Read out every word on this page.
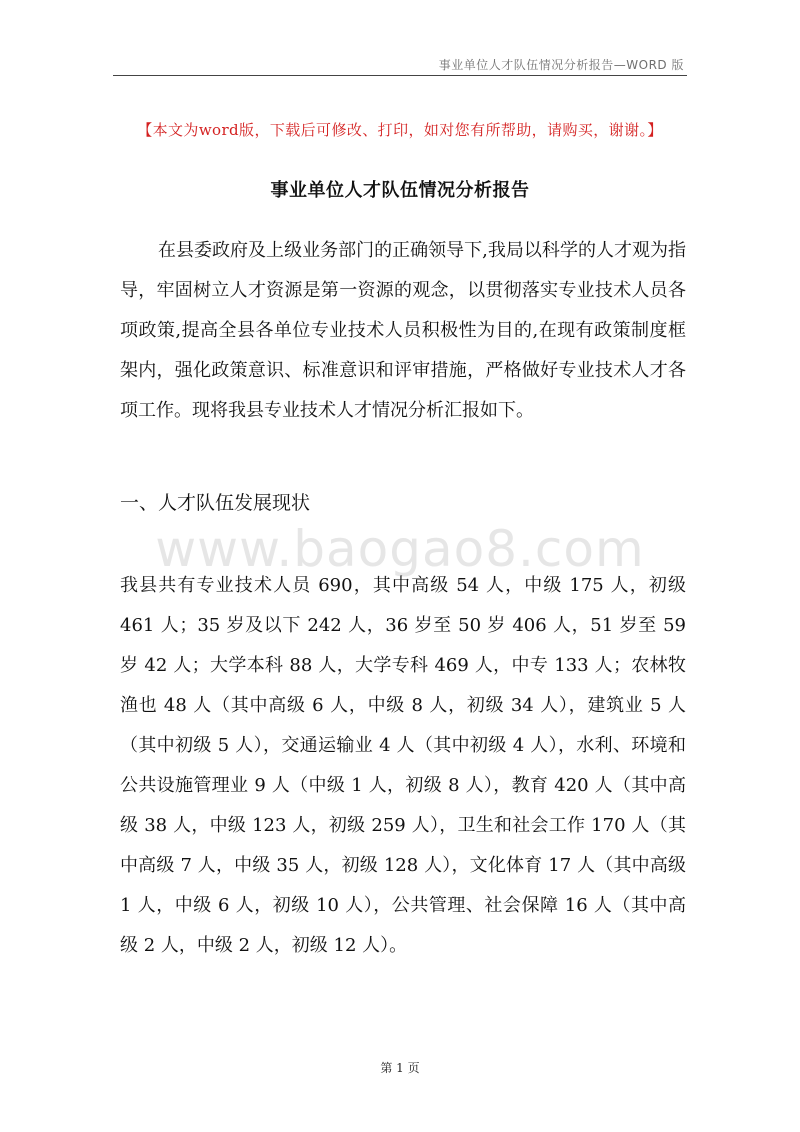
事业单位人才队伍情况分析报告—WORD 版
【本文为word版，下载后可修改、打印，如对您有所帮助，请购买，谢谢。】
事业单位人才队伍情况分析报告
在县委政府及上级业务部门的正确领导下,我局以科学的人才观为指导，牢固树立人才资源是第一资源的观念，以贯彻落实专业技术人员各项政策,提高全县各单位专业技术人员积极性为目的,在现有政策制度框架内，强化政策意识、标准意识和评审措施，严格做好专业技术人才各项工作。现将我县专业技术人才情况分析汇报如下。
一、人才队伍发展现状
www.baogao8.com
我县共有专业技术人员 690，其中高级 54 人，中级 175 人，初级 461 人；35 岁及以下 242 人，36 岁至 50 岁 406 人，51 岁至 59 岁 42 人；大学本科 88 人，大学专科 469 人，中专 133 人；农林牧渔也 48 人（其中高级 6 人，中级 8 人，初级 34 人），建筑业 5 人（其中初级 5 人），交通运输业 4 人（其中初级 4 人），水利、环境和公共设施管理业 9 人（中级 1 人，初级 8 人），教育 420 人（其中高级 38 人，中级 123 人，初级 259 人），卫生和社会工作 170 人（其中高级 7 人，中级 35 人，初级 128 人），文化体育 17 人（其中高级 1 人，中级 6 人，初级 10 人），公共管理、社会保障 16 人（其中高级 2 人，中级 2 人，初级 12 人）。
第 1 页
